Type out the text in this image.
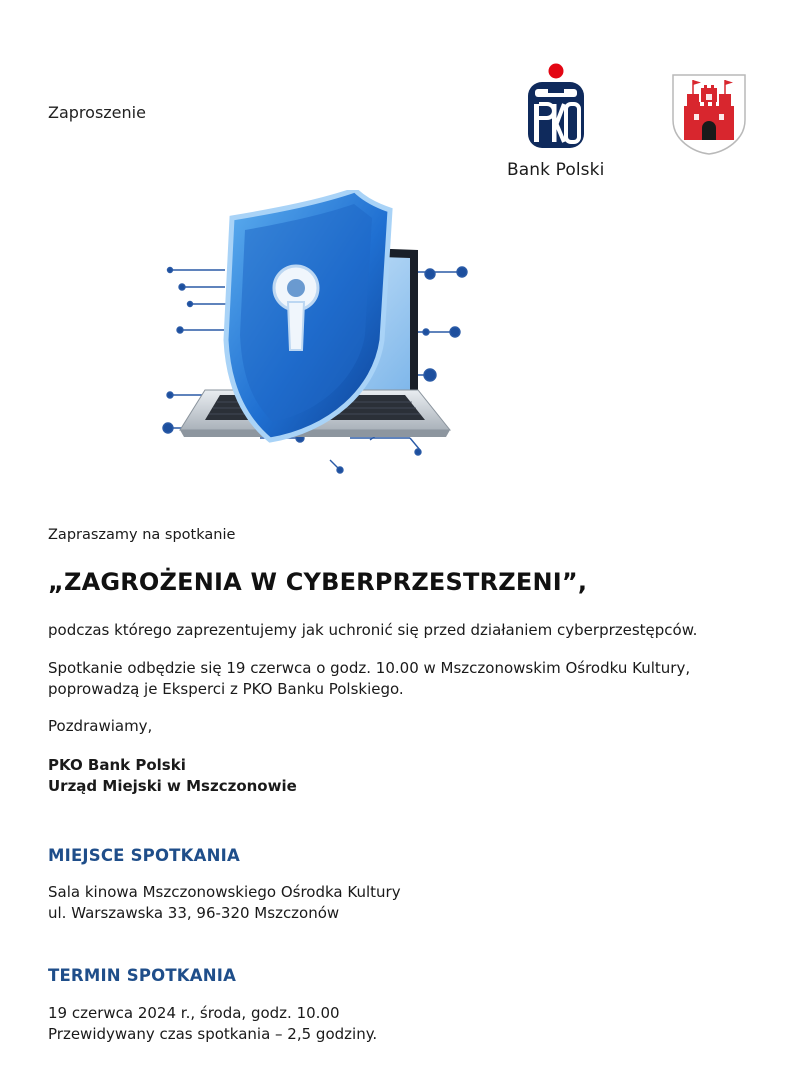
Zaproszenie
Bank Polski
Zapraszamy na spotkanie
„ZAGROŻENIA W CYBERPRZESTRZENI”,
podczas którego zaprezentujemy jak uchronić się przed działaniem cyberprzestępców.
Spotkanie odbędzie się 19 czerwca o godz. 10.00 w Mszczonowskim Ośrodku Kultury,
poprowadzą je Eksperci z PKO Banku Polskiego.
Pozdrawiamy,
PKO Bank Polski
Urząd Miejski w Mszczonowie
MIEJSCE SPOTKANIA
Sala kinowa Mszczonowskiego Ośrodka Kultury
ul. Warszawska 33, 96-320 Mszczonów
TERMIN SPOTKANIA
19 czerwca 2024 r., środa, godz. 10.00
Przewidywany czas spotkania – 2,5 godziny.
